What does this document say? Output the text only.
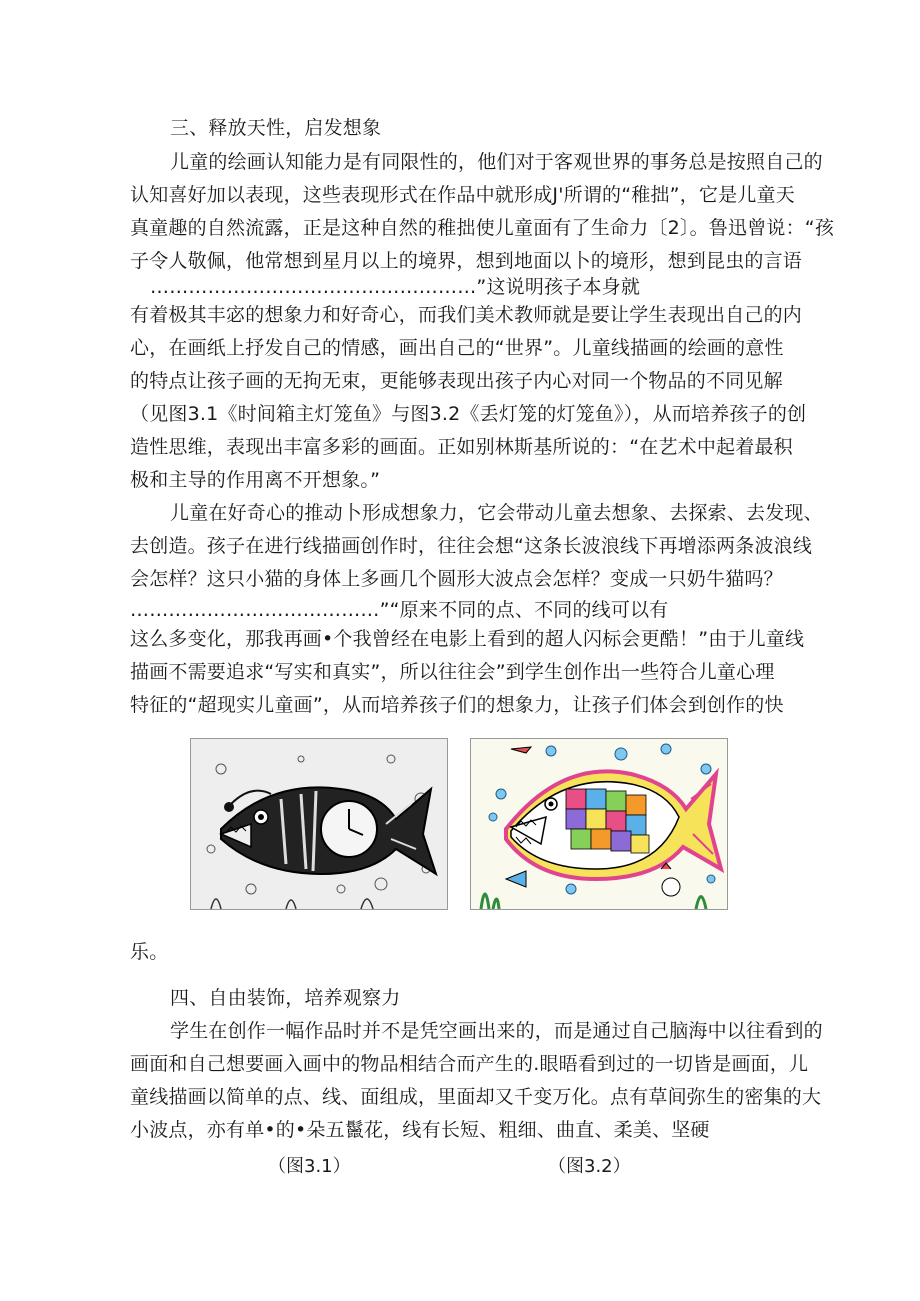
三、释放天性，启发想象
儿童的绘画认知能力是有同限性的，他们对于客观世界的事务总是按照自己的
认知喜好加以表现，这些表现形式在作品中就形成J'所谓的“稚拙”，它是儿童天
真童趣的自然流露，正是这种自然的稚拙使儿童面有了生命力〔2〕。鲁迅曾说：“孩
子令人敬佩，他常想到星月以上的境界，想到地面以卜的境形，想到昆虫的言语
……………………………………………”这说明孩子本身就
有着极其丰宓的想象力和好奇心，而我们美术教师就是要让学生表现出自己的内
心，在画纸上抒发自己的情感，画出自己的“世界”。儿童线描画的绘画的意性
的特点让孩子画的无拘无束，更能够表现出孩子内心对同一个物品的不同见解
（见图3.1《时间箱主灯笼鱼》与图3.2《丢灯笼的灯笼鱼》），从而培养孩子的创
造性思维，表现出丰富多彩的画面。正如别林斯基所说的：“在艺术中起着最积
极和主导的作用离不开想象。”
儿童在好奇心的推动卜形成想象力，它会带动儿童去想象、去探索、去发现、
去创造。孩子在进行线描画创作时，往往会想“这条长波浪线下再增添两条波浪线
会怎样？这只小猫的身体上多画几个圆形大波点会怎样？变成一只奶牛猫吗？
…………………………………”“原来不同的点、不同的线可以有
这么多变化，那我再画•个我曾经在电影上看到的超人闪标会更酷！”由于儿童线
描画不需要追求“写实和真实”，所以往往会”到学生创作出一些符合儿童心理
特征的“超现实儿童画”，从而培养孩子们的想象力，让孩子们体会到创作的快
乐。
四、自由装饰，培养观察力
学生在创作一幅作品时并不是凭空画出来的，而是通过自己脑海中以往看到的
画面和自己想要画入画中的物品相结合而产生的.眼晤看到过的一切皆是画面，儿
童线描画以简单的点、线、面组成，里面却又千变万化。点有草间弥生的密集的大
小波点，亦有单•的•朵五鬣花，线有长短、粗细、曲直、柔美、坚硬
（图3.1）	（图3.2）
